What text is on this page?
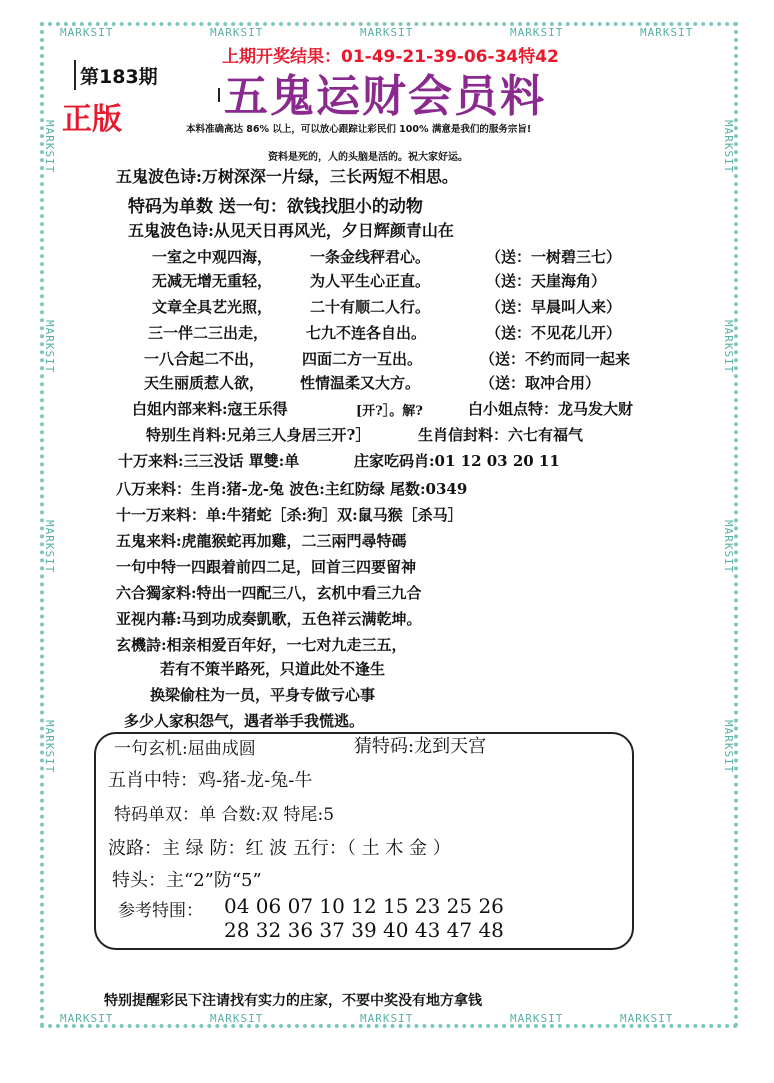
MARKSIT	MARKSIT	MARKSIT	MARKSIT	MARKSIT
MARKSIT	MARKSIT	MARKSIT	MARKSIT	MARKSIT
MARKSIT
MARKSIT
MARKSIT
MARKSIT
MARKSIT
MARKSIT
MARKSIT
MARKSIT
上期开奖结果：01-49-21-39-06-34特42
第183期 五鬼运财会员料
正版	本料准确高达 86% 以上，可以放心跟踪让彩民们 100% 满意是我们的服务宗旨!
资料是死的，人的头脑是活的。祝大家好运。
五鬼波色诗:万树深深一片绿，三长两短不相思。
特码为单数 送一句：欲钱找胆小的动物
五鬼波色诗:从见天日再风光，夕日辉颜青山在
一室之中观四海，	一条金线秤君心。	（送：一树碧三七）
无减无增无重轻，	为人平生心正直。	（送：天崖海角）
文章全具艺光照，	二十有顺二人行。	（送：早晨叫人来）
三一伴二三出走，	七九不连各自出。	（送：不见花儿开）
一八合起二不出，	四面二方一互出。	（送：不约而同一起来
天生丽质惹人欲， 性情温柔又大方。	（送：取冲合用）
白姐内部来料:寇王乐得	[开?］。解?	白小姐点特：龙马发大财
特别生肖料:兄弟三人身居三开?］	生肖信封料：六七有福气
十万来料:三三没话 單雙:单	庄家吃码肖:01 12 03 20 11
八万来料：生肖:猪-龙-兔 波色:主红防绿 尾数:0349
十一万来料：单:牛猪蛇［杀:狗］双:鼠马猴［杀马］
五鬼来料:虎龍猴蛇再加雞，二三兩門尋特碼
一句中特一四跟着前四二足，回首三四要留神
六合獨家料:特出一四配三八，玄机中看三九合
亚视内幕:马到功成奏凱歌，五色祥云满乾坤。
玄機詩:相亲相爱百年好，一七对九走三五，
若有不策半路死，只道此处不逢生
换梁偷柱为一员，平身专做亏心事
多少人家积怨气，遇者举手我慌逃。
一句玄机:屈曲成圆	猜特码:龙到天宫
五肖中特：鸡-猪-龙-兔-牛
特码单双：单 合数:双 特尾:5
波路：主 绿 防：红 波 五行：（ 土 木 金 ）
特头：主“2”防“5”
参考特围： 04 06 07 10 12 15 23 25 26
28 32 36 37 39 40 43 47 48
特别提醒彩民下注请找有实力的庄家，不要中奖没有地方拿钱
